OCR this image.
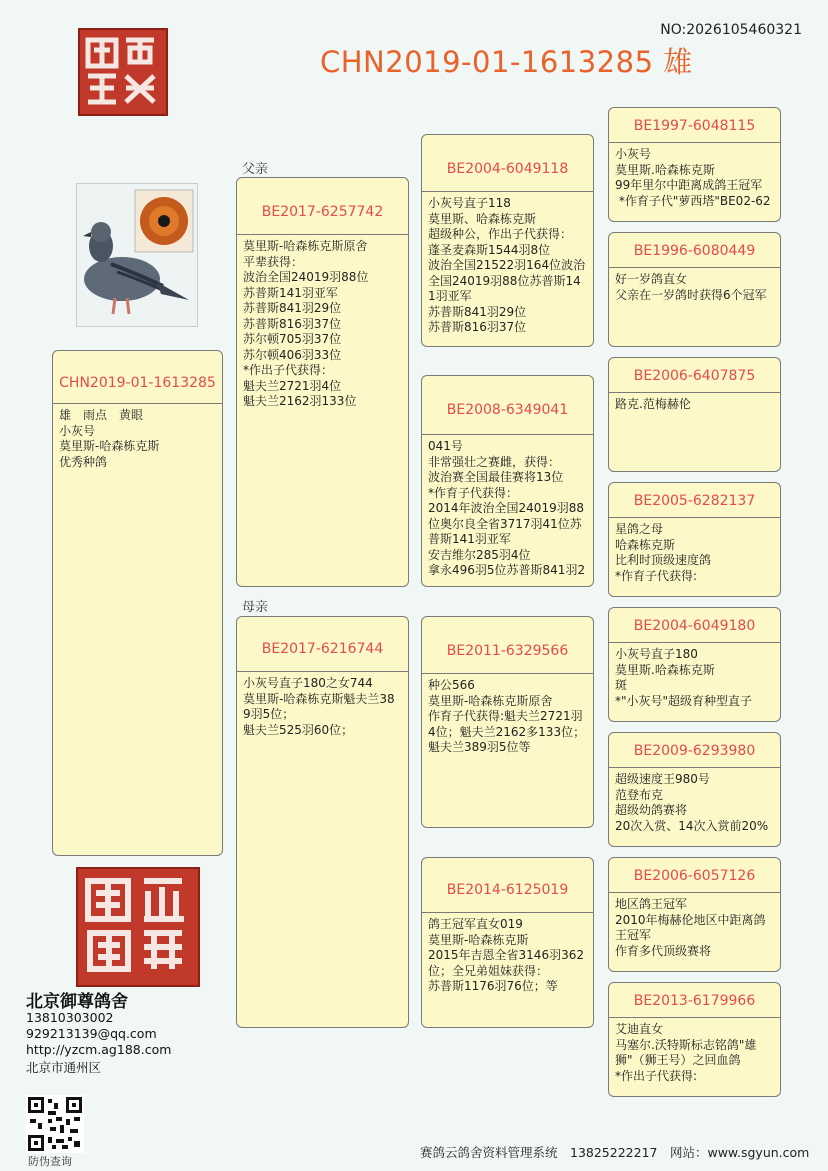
NO:2026105460321
CHN2019-01-1613285 雄
父亲
母亲
CHN2019-01-1613285
雄　雨点　黄眼
小灰号
莫里斯-哈森栋克斯
优秀种鸽
BE2017-6257742
莫里斯-哈森栋克斯原舍
平辈获得：
波治全国24019羽88位
苏普斯141羽亚军
苏普斯841羽29位
苏普斯816羽37位
苏尔顿705羽37位
苏尔顿406羽33位
*作出子代获得：
魁夫兰2721羽4位
魁夫兰2162羽133位
BE2017-6216744
小灰号直子180之女744
莫里斯-哈森栋克斯魁夫兰389羽5位；
魁夫兰525羽60位；
BE2004-6049118
小灰号直子118
莫里斯、哈森栋克斯
超级种公，作出子代获得：
蓬圣麦森斯1544羽8位
波治全国21522羽164位波治全国24019羽88位苏普斯141羽亚军
苏普斯841羽29位
苏普斯816羽37位
BE2008-6349041
041号
非常强壮之赛雌，获得：
波治赛全国最佳赛将13位
*作育子代获得：
2014年波治全国24019羽88位奥尔良全省3717羽41位苏普斯141羽亚军
安吉维尔285羽4位
拿永496羽5位苏普斯841羽2
BE2011-6329566
种公566
莫里斯-哈森栋克斯原舍
作育子代获得:魁夫兰2721羽4位；魁夫兰2162多133位；魁夫兰389羽5位等
BE2014-6125019
鸽王冠军直女019
莫里斯-哈森栋克斯
2015年吉恩全省3146羽362位；全兄弟姐妹获得：
苏普斯1176羽76位；等
BE1997-6048115
小灰号
莫里斯.哈森栋克斯
99年里尔中距离成鸽王冠军
*作育子代"萝西塔"BE02-62
BE1996-6080449
好一岁鸽直女
父亲在一岁鸽时获得6个冠军
BE2006-6407875
路克.范梅赫伦
BE2005-6282137
星鸽之母
哈森栋克斯
比利时顶级速度鸽
*作育子代获得:
BE2004-6049180
小灰号直子180
莫里斯.哈森栋克斯
斑
*"小灰号"超级育种型直子
BE2009-6293980
超级速度王980号
范登布克
超级幼鸽赛将
20次入赏、14次入赏前20%
BE2006-6057126
地区鸽王冠军
2010年梅赫伦地区中距离鸽王冠军
作育多代顶级赛将
BE2013-6179966
艾迪直女
马塞尔.沃特斯标志铭鸽"雄狮"（狮王号）之回血鸽
*作出子代获得:
北京御尊鸽舍
13810303002
929213139@qq.com
http://yzcm.ag188.com
北京市通州区
防伪查询
赛鸽云鸽舍资料管理系统　13825222217　网站：www.sgyun.com
